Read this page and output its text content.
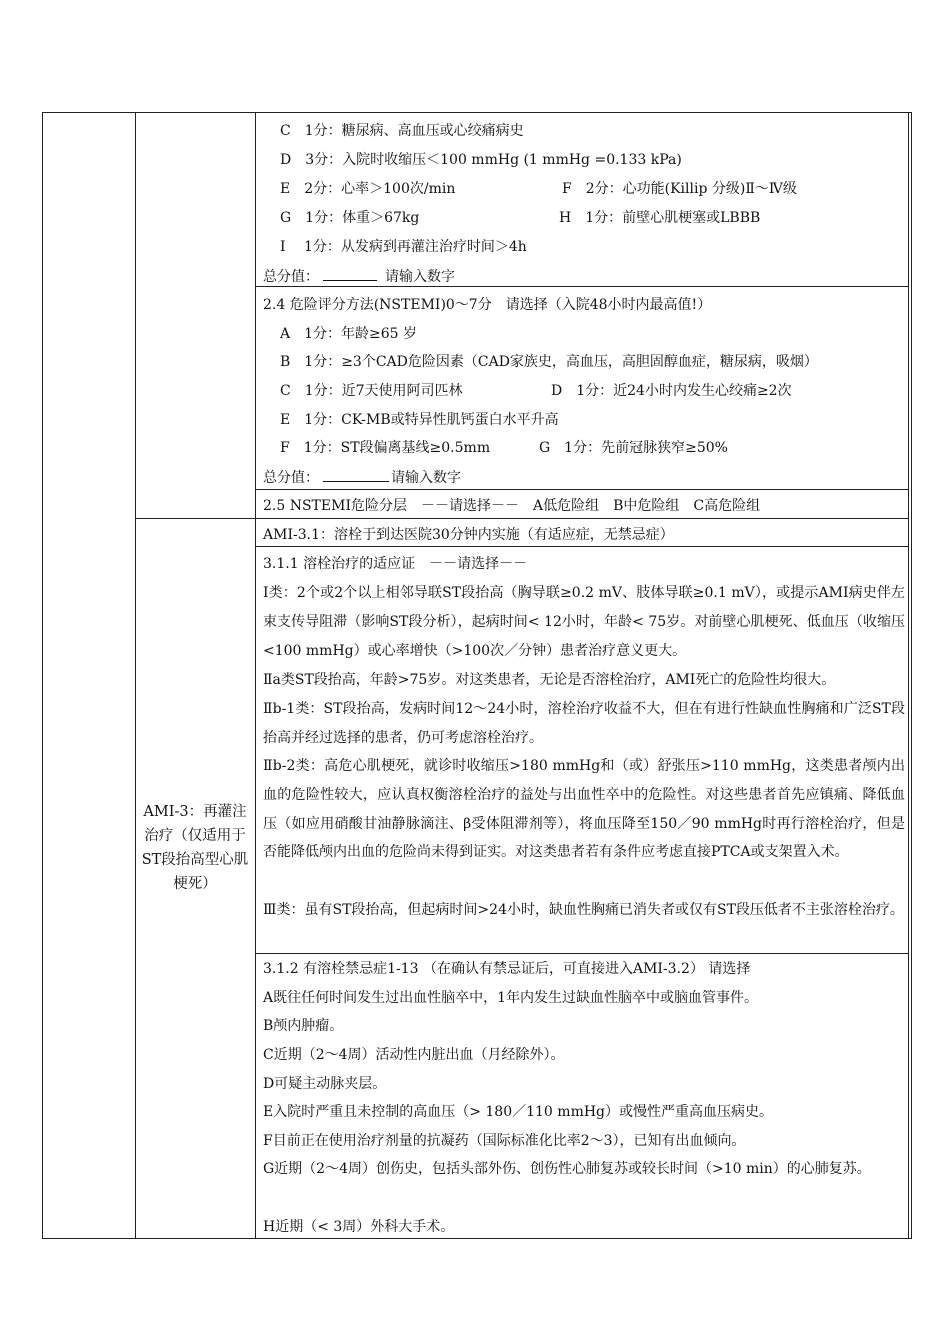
C　1分：糖尿病、高血压或心绞痛病史
D　3分：入院时收缩压＜100 mmHg (1 mmHg =0.133 kPa)
E　2分：心率＞100次/min	F　2分：心功能(Killip 分级)Ⅱ～Ⅳ级
G　1分：体重＞67kg	H　1分：前壁心肌梗塞或LBBB
I　 1分：从发病到再灌注治疗时间＞4h
总分值：	请输入数字
2.4 危险评分方法(NSTEMI)0～7分　请选择（入院48小时内最高值!）
A　1分：年龄≥65 岁
B　1分：≥3个CAD危险因素（CAD家族史，高血压，高胆固醇血症，糖尿病，吸烟）
C　1分：近7天使用阿司匹林	D　1分：近24小时内发生心绞痛≥2次
E　1分：CK-MB或特异性肌钙蛋白水平升高
F　1分：ST段偏离基线≥0.5mm	G　1分：先前冠脉狭窄≥50%
总分值：	请输入数字
2.5 NSTEMI危险分层　－－请选择－－　A低危险组　B中危险组　C高危险组
AMI-3：再灌注治疗（仅适用于ST段抬高型心肌梗死）
AMI-3.1：溶栓于到达医院30分钟内实施（有适应症，无禁忌症）
3.1.1 溶栓治疗的适应证　－－请选择－－
Ⅰ类：2个或2个以上相邻导联ST段抬高（胸导联≥0.2 mV、肢体导联≥0.1 mV），或提示AMI病史伴左束支传导阻滞（影响ST段分析），起病时间< 12小时，年龄< 75岁。对前壁心肌梗死、低血压（收缩压<100 mmHg）或心率增快（>100次／分钟）患者治疗意义更大。
Ⅱa类ST段抬高，年龄>75岁。对这类患者，无论是否溶栓治疗，AMI死亡的危险性均很大。
Ⅱb-1类：ST段抬高，发病时间12～24小时，溶栓治疗收益不大，但在有进行性缺血性胸痛和广泛ST段抬高并经过选择的患者，仍可考虑溶栓治疗。
Ⅱb-2类：高危心肌梗死，就诊时收缩压>180 mmHg和（或）舒张压>110 mmHg，这类患者颅内出血的危险性较大，应认真权衡溶栓治疗的益处与出血性卒中的危险性。对这些患者首先应镇痛、降低血压（如应用硝酸甘油静脉滴注、β受体阻滞剂等），将血压降至150／90 mmHg时再行溶栓治疗，但是否能降低颅内出血的危险尚未得到证实。对这类患者若有条件应考虑直接PTCA或支架置入术。
Ⅲ类：虽有ST段抬高，但起病时间>24小时，缺血性胸痛已消失者或仅有ST段压低者不主张溶栓治疗。
3.1.2 有溶栓禁忌症1-13 （在确认有禁忌证后，可直接进入AMI-3.2） 请选择
A既往任何时间发生过出血性脑卒中，1年内发生过缺血性脑卒中或脑血管事件。
B颅内肿瘤。
C近期（2～4周）活动性内脏出血（月经除外）。
D可疑主动脉夹层。
E入院时严重且未控制的高血压（> 180／110 mmHg）或慢性严重高血压病史。
F目前正在使用治疗剂量的抗凝药（国际标准化比率2～3），已知有出血倾向。
G近期（2～4周）创伤史，包括头部外伤、创伤性心肺复苏或较长时间（>10 min）的心肺复苏。
H近期（< 3周）外科大手术。
